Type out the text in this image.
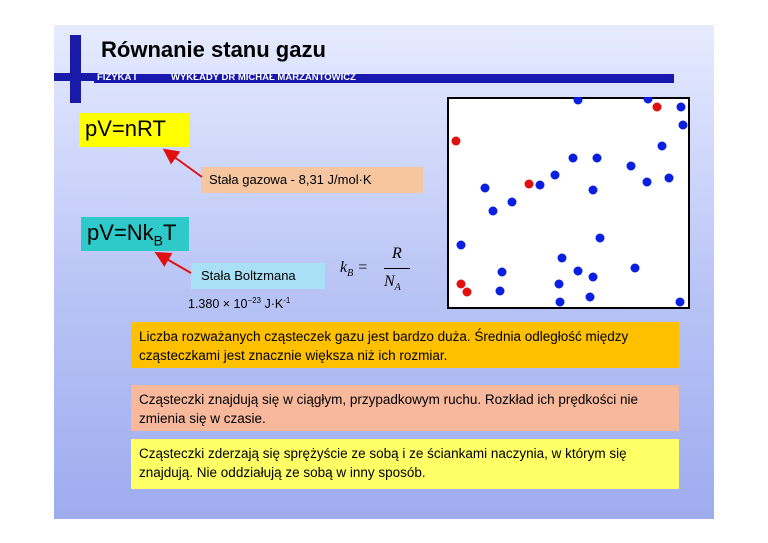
Równanie stanu gazu
FIZYKA I	WYKŁADY DR MICHAŁ MARZANTOWICZ
pV=nRT
$pV=Nk_BT$
Stała gazowa - 8,31 J/mol·K
Stała Boltzmana
$1.380 \times 10^{-23}$ $J\cdot K^{-1}$
$k_B$ =
R
$N_A$
Liczba rozważanych cząsteczek gazu jest bardzo duża. Średnia odległość między cząsteczkami jest znacznie większa niż ich rozmiar.
Cząsteczki znajdują się w ciągłym, przypadkowym ruchu. Rozkład ich prędkości nie zmienia się w czasie.
Cząsteczki zderzają się sprężyście ze sobą i ze ściankami naczynia, w którym się znajdują. Nie oddziałują ze sobą w inny sposób.
